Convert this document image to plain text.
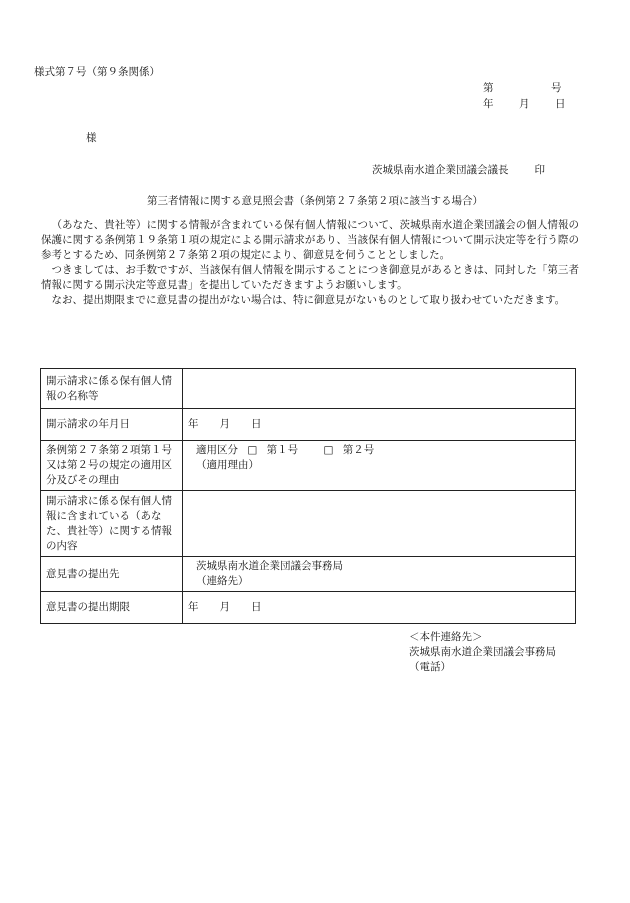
様式第７号（第９条関係）
第	号
年	月	日
様
茨城県南水道企業団議会議長 印
第三者情報に関する意見照会書（条例第２７条第２項に該当する場合）

（あなた、貴社等）に関する情報が含まれている保有個人情報について、茨城県南水道企業団議会の個人情報の保護に関する条例第１９条第１項の規定による開示請求があり、当該保有個人情報について開示決定等を行う際の参考とするため、同条例第２７条第２項の規定により、御意見を伺うこととしました。

つきましては、お手数ですが、当該保有個人情報を開示することにつき御意見があるときは、同封した「第三者情報に関する開示決定等意見書」を提出していただきますようお願いします。

なお、提出期限までに意見書の提出がない場合は、特に御意見がないものとして取り扱わせていただきます。

開示請求に係る保有個人情報の名称等	
開示請求の年月日	年　　月　　日
条例第２７条第２項第１号又は第２号の規定の適用区分及びその理由	適用区分 □ 第１号 □ 第２号
（適用理由）

開示請求に係る保有個人情報に含まれている（あなた、貴社等）に関する情報の内容	
意見書の提出先	茨城県南水道企業団議会事務局
（連絡先）

意見書の提出期限	年　　月　　日
＜本件連絡先＞
茨城県南水道企業団議会事務局
（電話）
